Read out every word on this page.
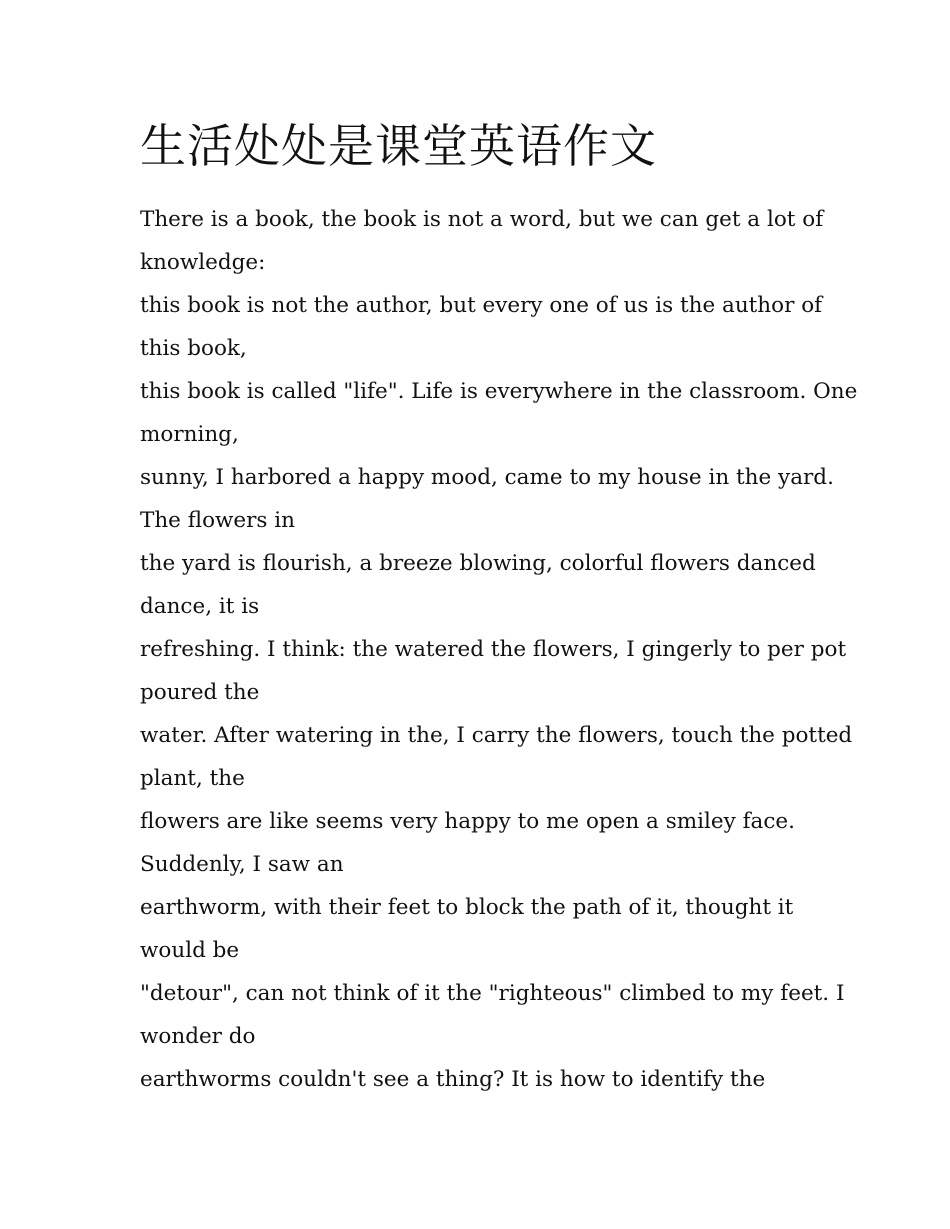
生活处处是课堂英语作文
There is a book, the book is not a word, but we can get a lot of
knowledge:
this book is not the author, but every one of us is the author of
this book,
this book is called "life". Life is everywhere in the classroom. One
morning,
sunny, I harbored a happy mood, came to my house in the yard.
The flowers in
the yard is flourish, a breeze blowing, colorful flowers danced
dance, it is
refreshing. I think: the watered the flowers, I gingerly to per pot
poured the
water. After watering in the, I carry the flowers, touch the potted
plant, the
flowers are like seems very happy to me open a smiley face.
Suddenly, I saw an
earthworm, with their feet to block the path of it, thought it
would be
"detour", can not think of it the "righteous" climbed to my feet. I
wonder do
earthworms couldn't see a thing? It is how to identify the
